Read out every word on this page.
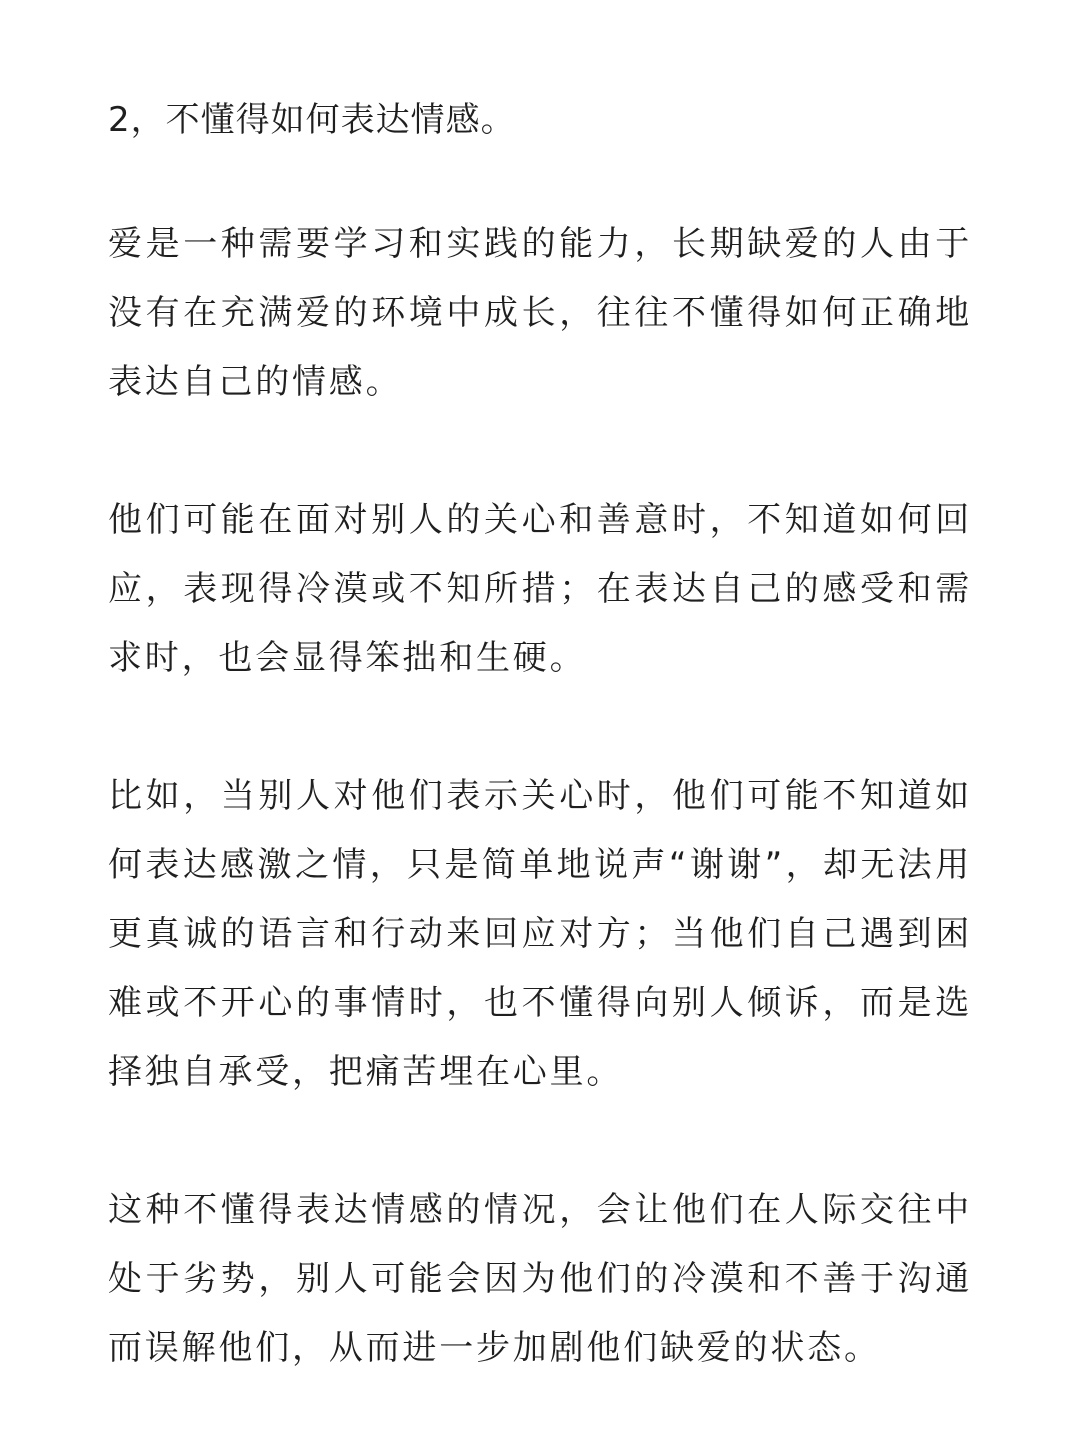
2，不懂得如何表达情感。

爱是一种需要学习和实践的能力，长期缺爱的人由于没有在充满爱的环境中成长，往往不懂得如何正确地表达自己的情感。

他们可能在面对别人的关心和善意时，不知道如何回应，表现得冷漠或不知所措；在表达自己的感受和需求时，也会显得笨拙和生硬。

比如，当别人对他们表示关心时，他们可能不知道如何表达感激之情，只是简单地说声“谢谢”，却无法用更真诚的语言和行动来回应对方；当他们自己遇到困难或不开心的事情时，也不懂得向别人倾诉，而是选择独自承受，把痛苦埋在心里。

这种不懂得表达情感的情况，会让他们在人际交往中处于劣势，别人可能会因为他们的冷漠和不善于沟通而误解他们，从而进一步加剧他们缺爱的状态。
